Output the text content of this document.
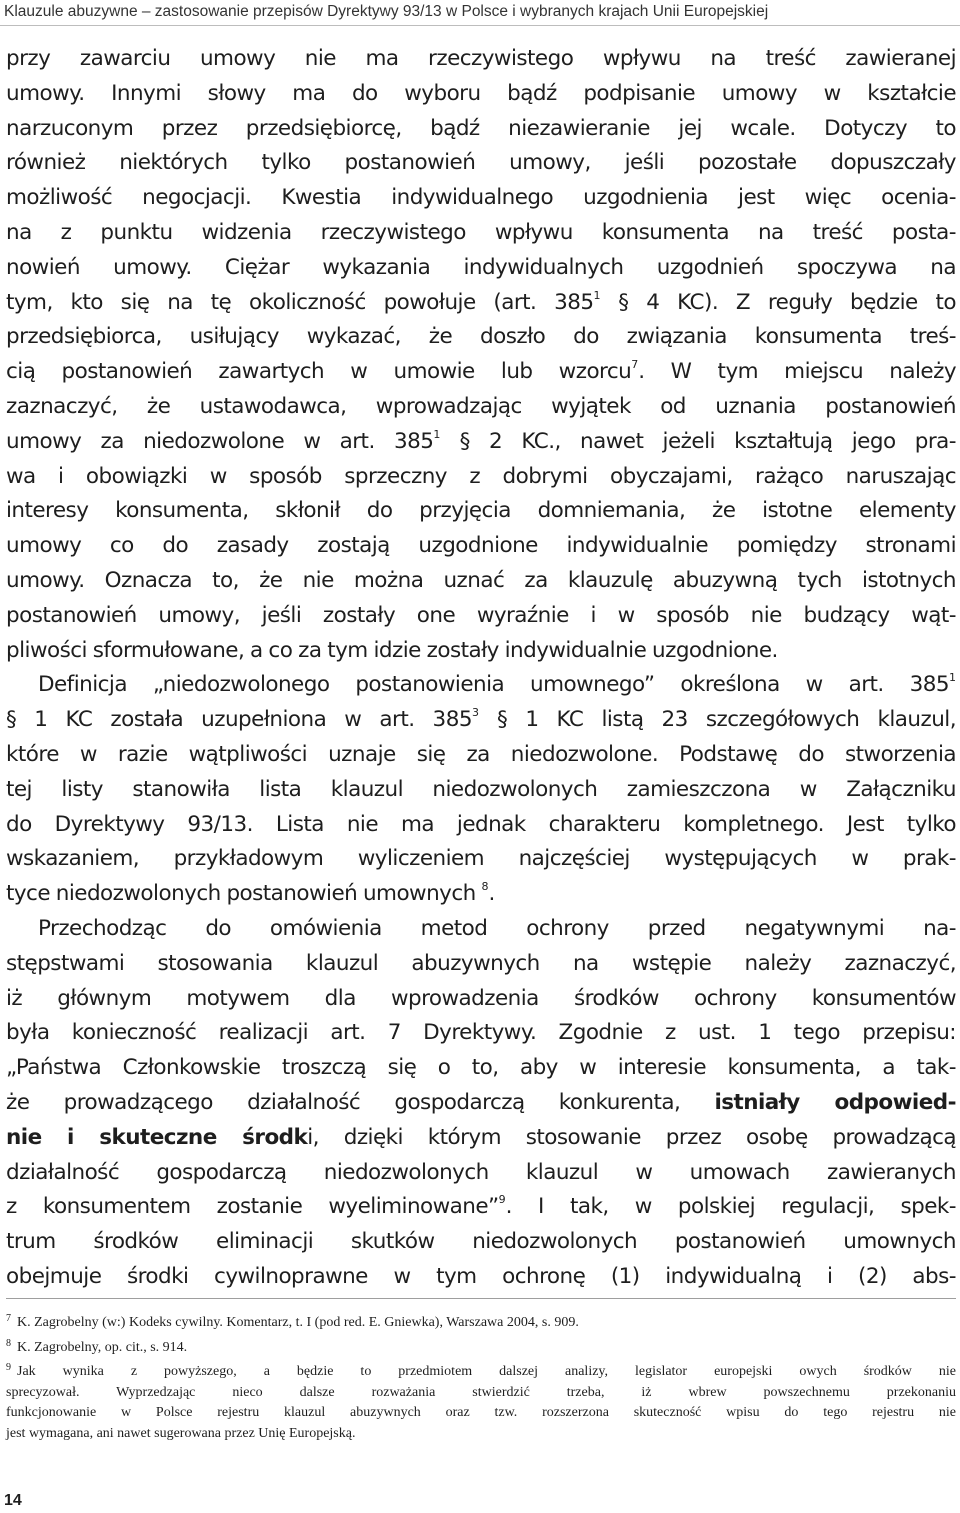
Klauzule abuzywne – zastosowanie przepisów Dyrektywy 93/13 w Polsce i wybranych krajach Unii Europejskiej
przy zawarciu umowy nie ma rzeczywistego wpływu na treść zawieranej
umowy. Innymi słowy ma do wyboru bądź podpisanie umowy w kształcie
narzuconym przez przedsiębiorcę, bądź niezawieranie jej wcale. Dotyczy to
również niektórych tylko postanowień umowy, jeśli pozostałe dopuszczały
możliwość negocjacji. Kwestia indywidualnego uzgodnienia jest więc ocenia-
na z punktu widzenia rzeczywistego wpływu konsumenta na treść posta-
nowień umowy. Ciężar wykazania indywidualnych uzgodnień spoczywa na
tym, kto się na tę okoliczność powołuje (art. $385^1$ § 4 KC). Z reguły będzie to
przedsiębiorca, usiłujący wykazać, że doszło do związania konsumenta treś-
cią postanowień zawartych w umowie lub wzorcu$^7$. W tym miejscu należy
zaznaczyć, że ustawodawca, wprowadzając wyjątek od uznania postanowień
umowy za niedozwolone w art. $385^1$ § 2 KC., nawet jeżeli kształtują jego pra-
wa i obowiązki w sposób sprzeczny z dobrymi obyczajami, rażąco naruszając
interesy konsumenta, skłonił do przyjęcia domniemania, że istotne elementy
umowy co do zasady zostają uzgodnione indywidualnie pomiędzy stronami
umowy. Oznacza to, że nie można uznać za klauzulę abuzywną tych istotnych
postanowień umowy, jeśli zostały one wyraźnie i w sposób nie budzący wąt-
pliwości sformułowane, a co za tym idzie zostały indywidualnie uzgodnione.
Definicja „niedozwolonego postanowienia umownego” określona w art. $385^1$
§ 1 KC została uzupełniona w art. $385^3$ § 1 KC listą 23 szczegółowych klauzul,
które w razie wątpliwości uznaje się za niedozwolone. Podstawę do stworzenia
tej listy stanowiła lista klauzul niedozwolonych zamieszczona w Załączniku
do Dyrektywy 93/13. Lista nie ma jednak charakteru kompletnego. Jest tylko
wskazaniem, przykładowym wyliczeniem najczęściej występujących w prak-
tyce niedozwolonych postanowień umownych $^8$.
Przechodząc do omówienia metod ochrony przed negatywnymi na-
stępstwami stosowania klauzul abuzywnych na wstępie należy zaznaczyć,
iż głównym motywem dla wprowadzenia środków ochrony konsumentów
była konieczność realizacji art. 7 Dyrektywy. Zgodnie z ust. 1 tego przepisu:
„Państwa Członkowskie troszczą się o to, aby w interesie konsumenta, a tak-
że prowadzącego działalność gospodarczą konkurenta, istniały odpowied-
nie i skuteczne środki, dzięki którym stosowanie przez osobę prowadzącą
działalność gospodarczą niedozwolonych klauzul w umowach zawieranych
z konsumentem zostanie wyeliminowane”$^9$. I tak, w polskiej regulacji, spek-
trum środków eliminacji skutków niedozwolonych postanowień umownych
obejmuje środki cywilnoprawne w tym ochronę (1) indywidualną i (2) abs-
$^7$ K. Zagrobelny (w:) Kodeks cywilny. Komentarz, t. I (pod red. E. Gniewka), Warszawa 2004, s. 909.
$^8$ K. Zagrobelny, op. cit., s. 914.
$^9$ Jak wynika z powyższego, a będzie to przedmiotem dalszej analizy, legislator europejski owych środków nie
sprecyzował. Wyprzedzając nieco dalsze rozważania stwierdzić trzeba, iż wbrew powszechnemu przekonaniu
funkcjonowanie w Polsce rejestru klauzul abuzywnych oraz tzw. rozszerzona skuteczność wpisu do tego rejestru nie
jest wymagana, ani nawet sugerowana przez Unię Europejską.
14
